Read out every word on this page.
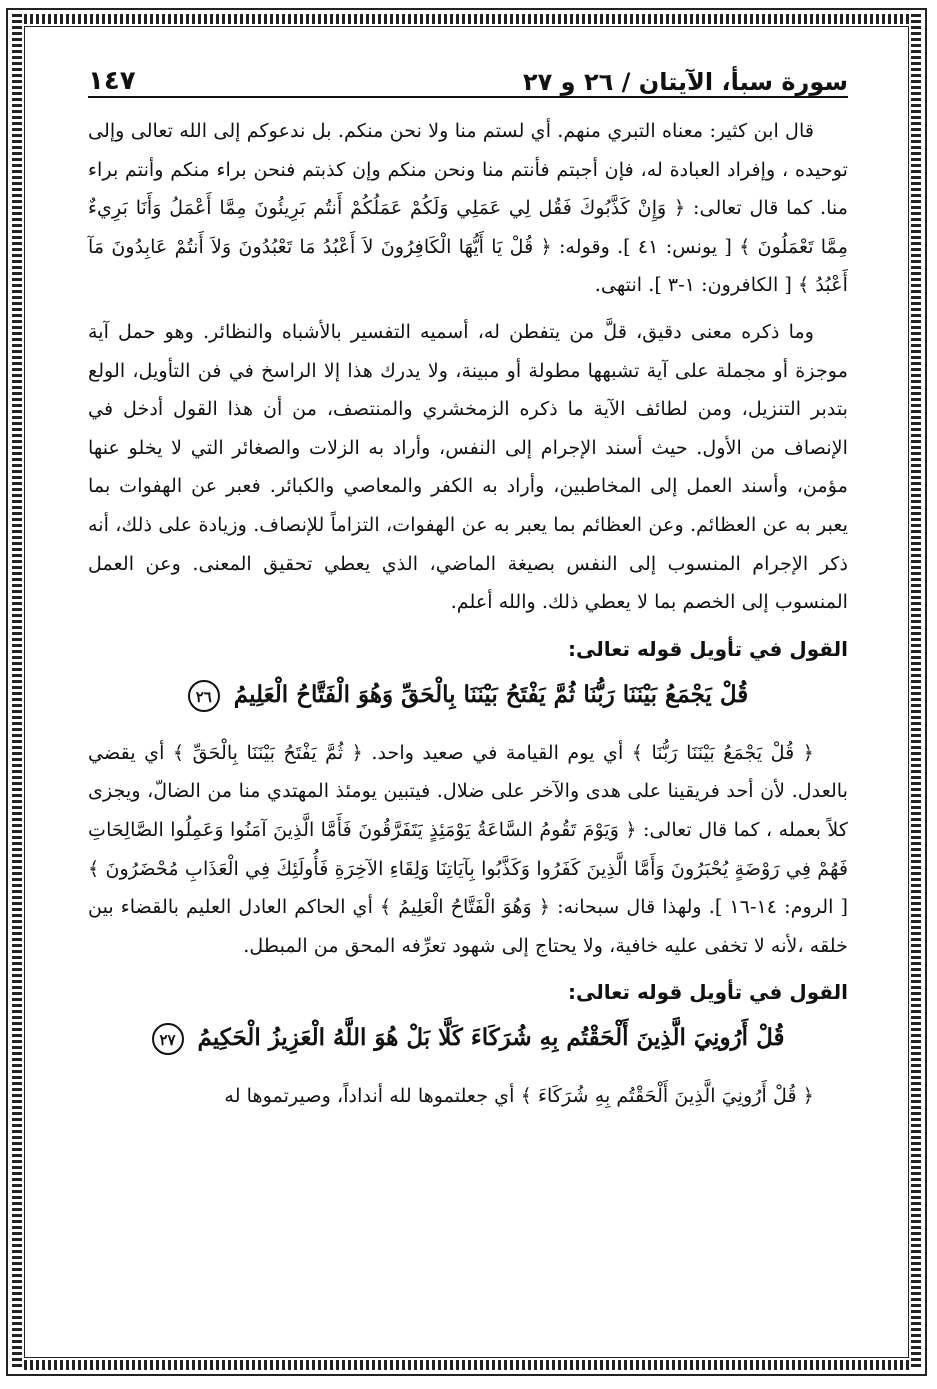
سورة سبأ، الآيتان / ٢٦ و ٢٧
١٤٧

قال ابن كثير: معناه التبري منهم. أي لستم منا ولا نحن منكم. بل ندعوكم إلى الله تعالى وإلى توحيده ، وإفراد العبادة له، فإن أجبتم فأنتم منا ونحن منكم وإن كذبتم فنحن براء منكم وأنتم براء منا. كما قال تعالى: ﴿ وَإِنْ كَذَّبُوكَ فَقُل لِي عَمَلِي وَلَكُمْ عَمَلُكُمْ أَنتُم بَرِيئُونَ مِمَّا أَعْمَلُ وَأَنَا بَرِيءٌ مِمَّا تَعْمَلُونَ ﴾ [ يونس: ٤١ ]. وقوله: ﴿ قُلْ يَا أَيُّهَا الْكَافِرُونَ لاَ أَعْبُدُ مَا تَعْبُدُونَ وَلاَ أَنتُمْ عَابِدُونَ مَآ أَعْبُدُ ﴾ [ الكافرون: ١-٣ ]. انتهى.

وما ذكره معنى دقيق، قلَّ من يتفطن له، أسميه التفسير بالأشباه والنظائر. وهو حمل آية موجزة أو مجملة على آية تشبهها مطولة أو مبينة، ولا يدرك هذا إلا الراسخ في فن التأويل، الولع بتدبر التنزيل، ومن لطائف الآية ما ذكره الزمخشري والمنتصف، من أن هذا القول أدخل في الإنصاف من الأول. حيث أسند الإجرام إلى النفس، وأراد به الزلات والصغائر التي لا يخلو عنها مؤمن، وأسند العمل إلى المخاطبين، وأراد به الكفر والمعاصي والكبائر. فعبر عن الهفوات بما يعبر به عن العظائم. وعن العظائم بما يعبر به عن الهفوات، التزاماً للإنصاف. وزيادة على ذلك، أنه ذكر الإجرام المنسوب إلى النفس بصيغة الماضي، الذي يعطي تحقيق المعنى. وعن العمل المنسوب إلى الخصم بما لا يعطي ذلك. والله أعلم.

القول في تأويل قوله تعالى:
قُلْ يَجْمَعُ بَيْنَنَا رَبُّنَا ثُمَّ يَفْتَحُ بَيْنَنَا بِالْحَقِّ وَهُوَ الْفَتَّاحُ الْعَلِيمُ ٢٦

﴿ قُلْ يَجْمَعُ بَيْنَنَا رَبُّنَا ﴾ أي يوم القيامة في صعيد واحد. ﴿ ثُمَّ يَفْتَحُ بَيْنَنَا بِالْحَقِّ ﴾ أي يقضي بالعدل. لأن أحد فريقينا على هدى والآخر على ضلال. فيتبين يومئذ المهتدي منا من الضالّ، ويجزى كلاً بعمله ، كما قال تعالى: ﴿ وَيَوْمَ تَقُومُ السَّاعَةُ يَوْمَئِذٍ يَتَفَرَّقُونَ فَأَمَّا الَّذِينَ آمَنُوا وَعَمِلُوا الصَّالِحَاتِ فَهُمْ فِي رَوْضَةٍ يُحْبَرُونَ وَأَمَّا الَّذِينَ كَفَرُوا وَكَذَّبُوا بِآيَاتِنَا وَلِقَاءِ الآخِرَةِ فَأُولَئِكَ فِي الْعَذَابِ مُحْضَرُونَ ﴾ [ الروم: ١٤-١٦ ]. ولهذا قال سبحانه: ﴿ وَهُوَ الْفَتَّاحُ الْعَلِيمُ ﴾ أي الحاكم العادل العليم بالقضاء بين خلقه ،لأنه لا تخفى عليه خافية، ولا يحتاج إلى شهود تعرِّفه المحق من المبطل.

القول في تأويل قوله تعالى:
قُلْ أَرُونِيَ الَّذِينَ أَلْحَقْتُم بِهِ شُرَكَاءَ كَلَّا بَلْ هُوَ اللَّهُ الْعَزِيزُ الْحَكِيمُ ٢٧

﴿ قُلْ أَرُونِيَ الَّذِينَ أَلْحَقْتُم بِهِ شُرَكَاءَ ﴾ أي جعلتموها لله أنداداً، وصيرتموها له
